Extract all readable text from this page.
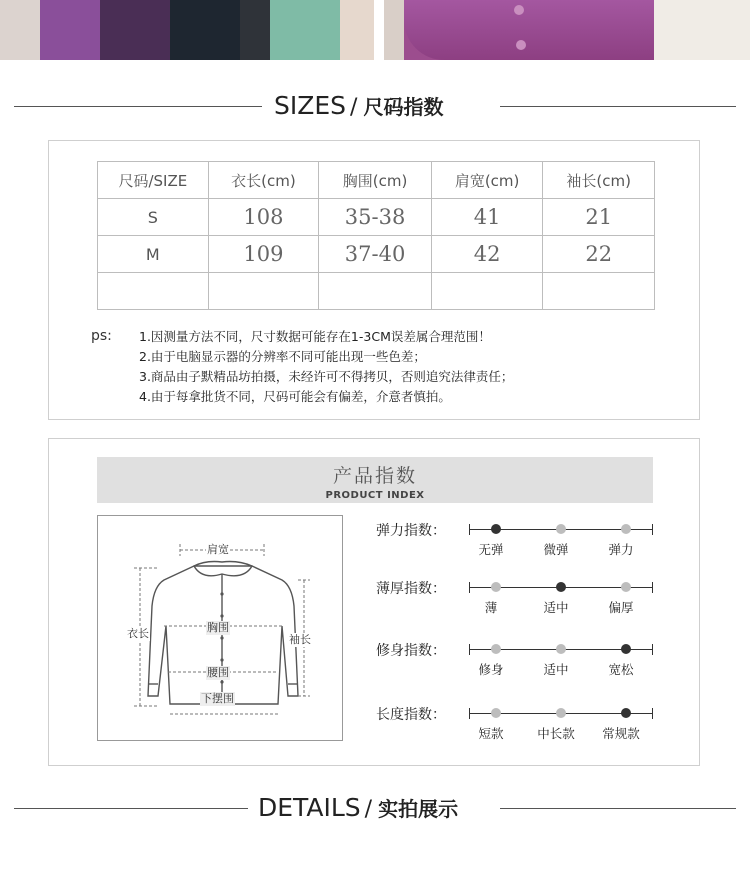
SIZES / 尺码指数
尺码/SIZE	衣长(cm)	胸围(cm)	肩宽(cm)	袖长(cm)
S	108	35-38	41	21
M	109	37-40	42	22

ps: 1.因测量方法不同，尺寸数据可能存在1-3CM误差属合理范围！
2.由于电脑显示器的分辨率不同可能出现一些色差；
3.商品由子默精品坊拍摄，未经许可不得拷贝，否则追究法律责任；
4.由于每拿批货不同，尺码可能会有偏差，介意者慎拍。
产品指数
PRODUCT INDEX
肩宽
衣长	胸围
袖长
腰围
下摆围
弹力指数：
无弹	微弹	弹力
薄厚指数：
薄	适中	偏厚
修身指数：
修身	适中	宽松
长度指数：
短款	中长款	常规款
DETAILS / 实拍展示
